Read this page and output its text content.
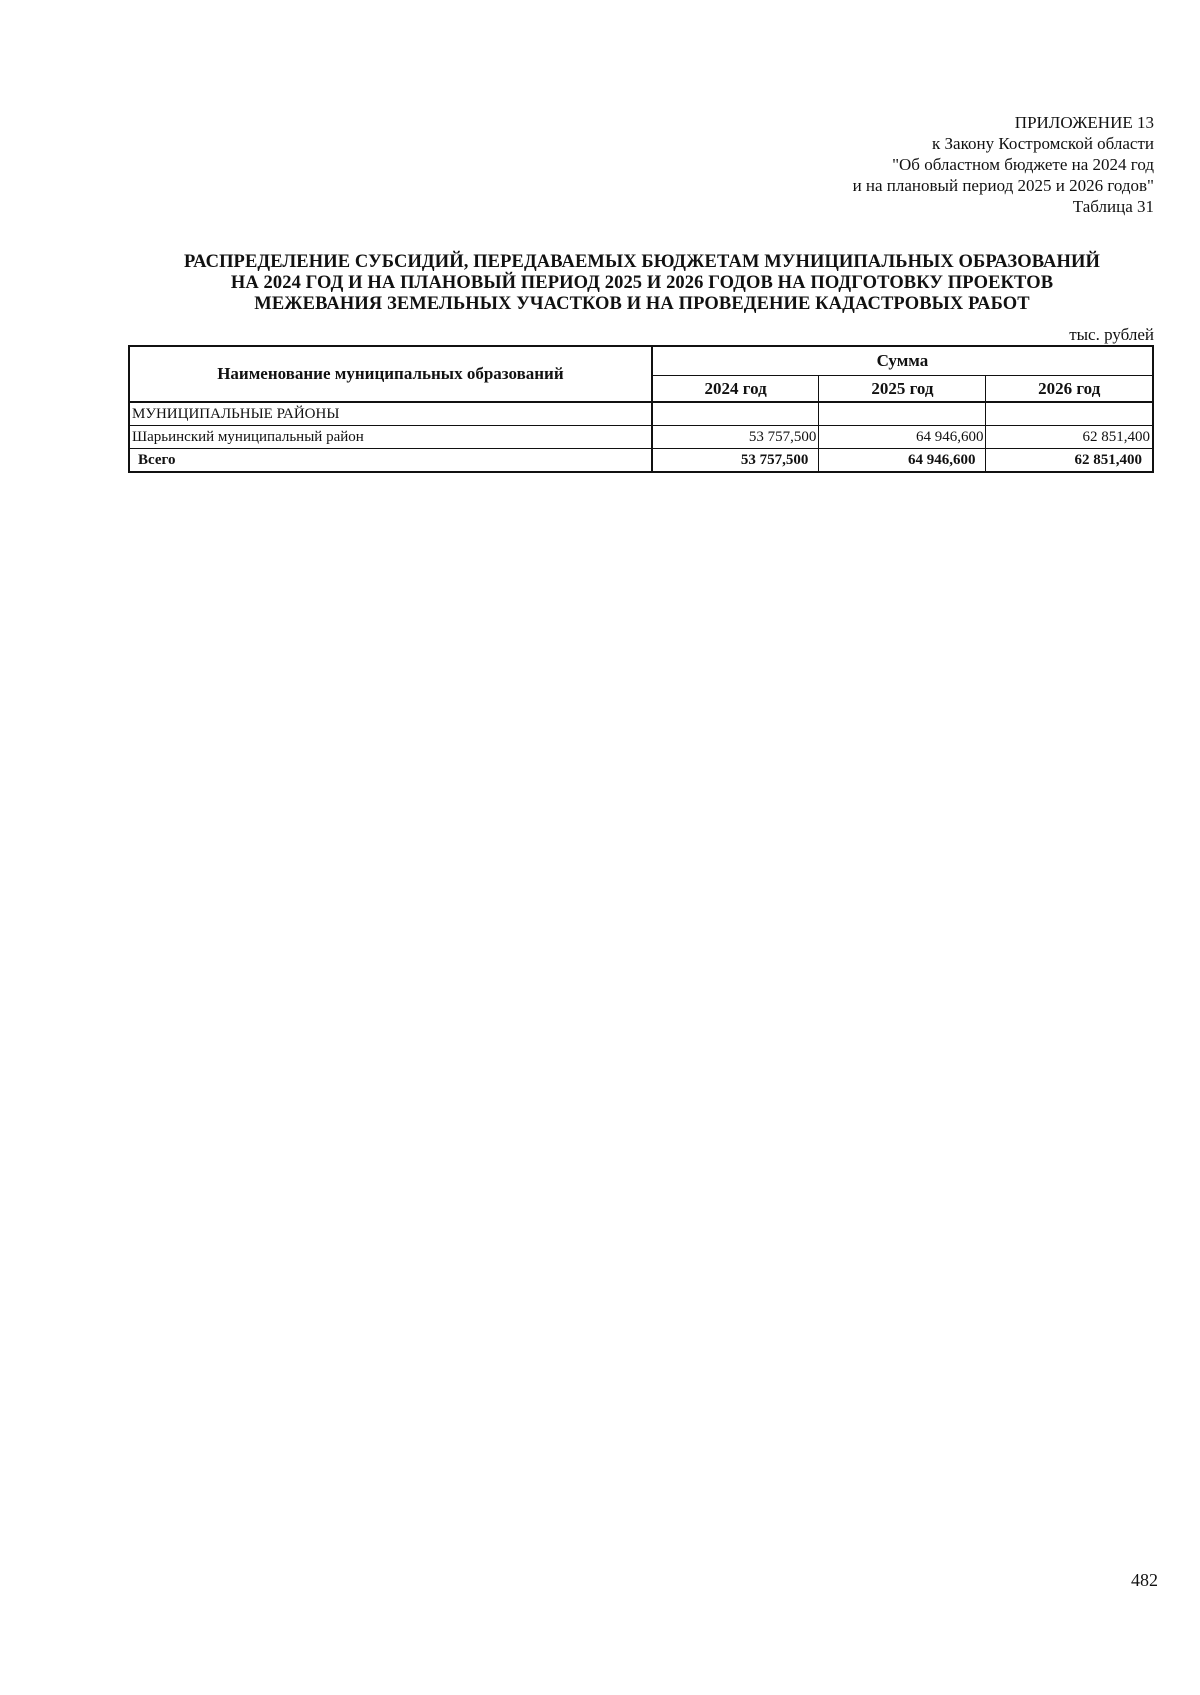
ПРИЛОЖЕНИЕ 13
к Закону Костромской области
"Об областном бюджете на 2024 год
и на плановый период 2025 и 2026 годов"
Таблица 31
РАСПРЕДЕЛЕНИЕ СУБСИДИЙ, ПЕРЕДАВАЕМЫХ БЮДЖЕТАМ МУНИЦИПАЛЬНЫХ ОБРАЗОВАНИЙ
НА 2024 ГОД И НА ПЛАНОВЫЙ ПЕРИОД 2025 И 2026 ГОДОВ НА ПОДГОТОВКУ ПРОЕКТОВ
МЕЖЕВАНИЯ ЗЕМЕЛЬНЫХ УЧАСТКОВ И НА ПРОВЕДЕНИЕ КАДАСТРОВЫХ РАБОТ
тыс. рублей
Наименование муниципальных образований	Сумма		
	2024 год	2025 год	2026 год
МУНИЦИПАЛЬНЫЕ РАЙОНЫ			
Шарьинский муниципальный район	53 757,500	64 946,600	62 851,400
Всего	53 757,500	64 946,600	62 851,400
482
